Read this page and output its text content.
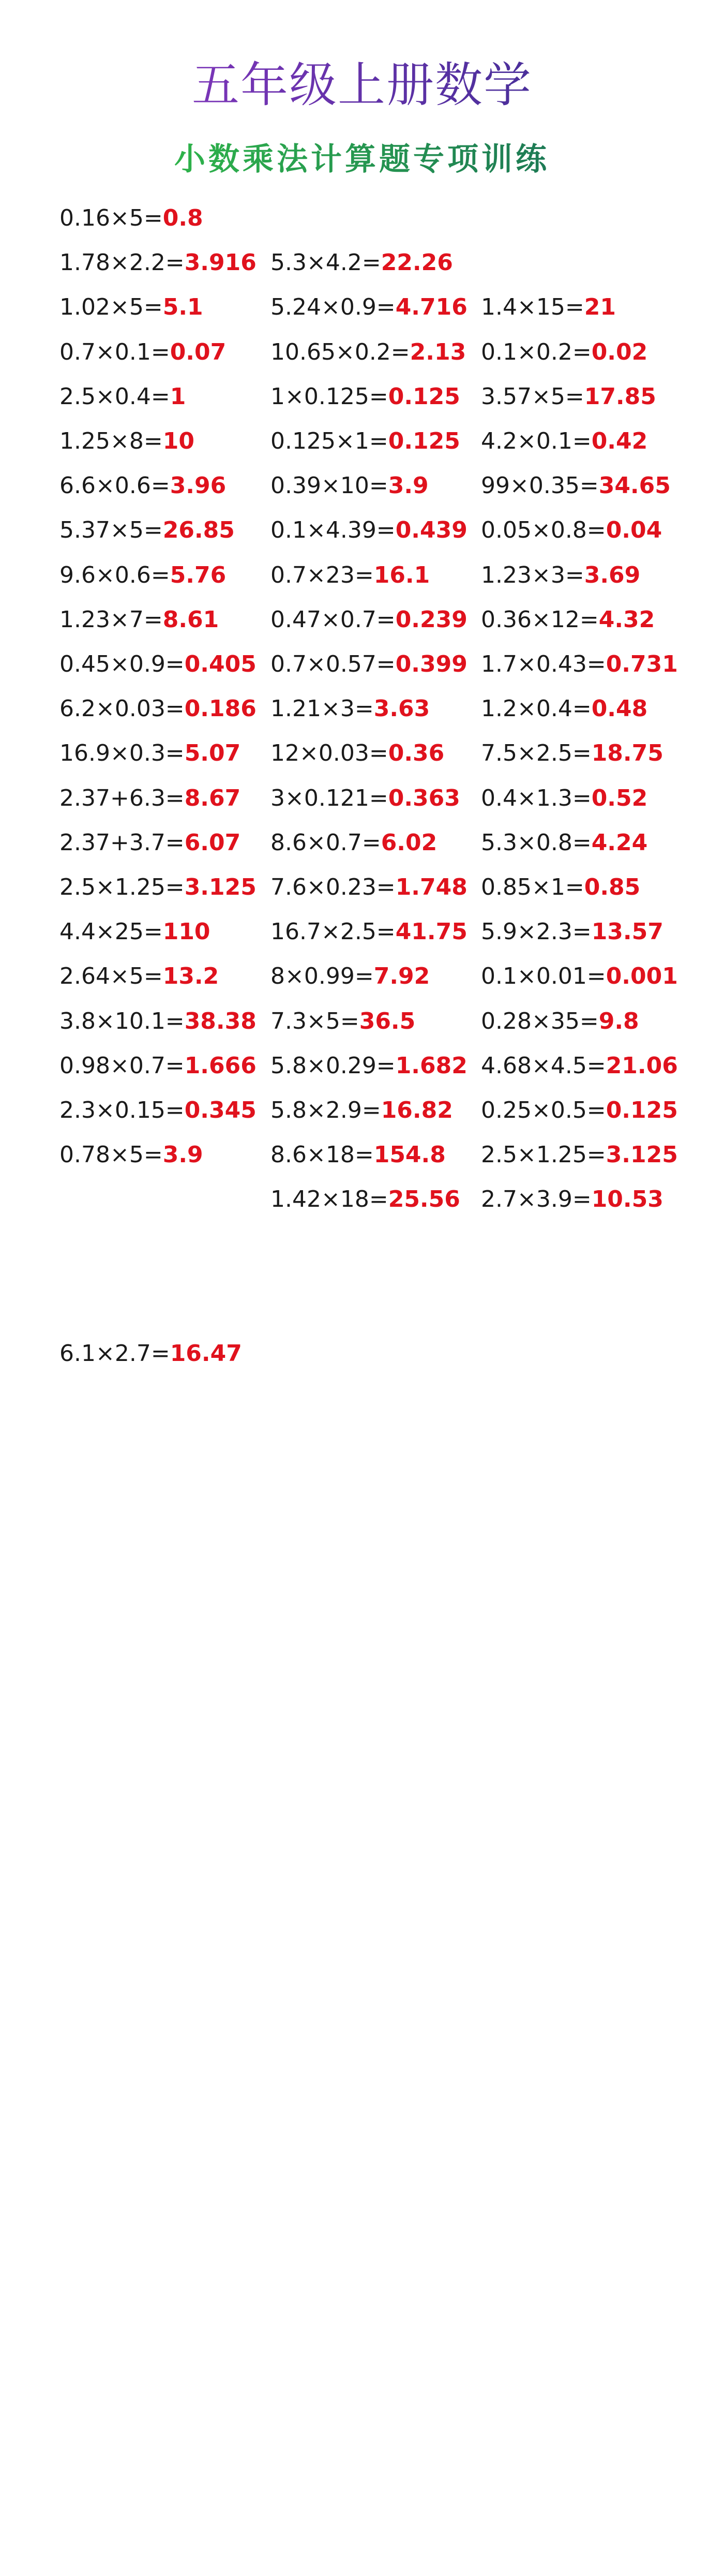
五年级上册数学
小数乘法计算题专项训练
0.16×5=0.8
1.78×2.2=3.916
1.02×5=5.1
0.7×0.1=0.07
2.5×0.4=1
1.25×8=10
6.6×0.6=3.96
5.37×5=26.85
9.6×0.6=5.76
1.23×7=8.61
0.45×0.9=0.405
6.2×0.03=0.186
16.9×0.3=5.07
2.37+6.3=8.67
2.37+3.7=6.07
2.5×1.25=3.125
4.4×25=110
2.64×5=13.2
3.8×10.1=38.38
0.98×0.7=1.666
2.3×0.15=0.345
0.78×5=3.9
5.3×4.2=22.26
5.24×0.9=4.716
10.65×0.2=2.13
1×0.125=0.125
0.125×1=0.125
0.39×10=3.9
0.1×4.39=0.439
0.7×23=16.1
0.47×0.7=0.239
0.7×0.57=0.399
1.21×3=3.63
12×0.03=0.36
3×0.121=0.363
8.6×0.7=6.02
7.6×0.23=1.748
16.7×2.5=41.75
8×0.99=7.92
7.3×5=36.5
5.8×0.29=1.682
5.8×2.9=16.82
8.6×18=154.8
1.42×18=25.56
1.4×15=21
0.1×0.2=0.02
3.57×5=17.85
4.2×0.1=0.42
99×0.35=34.65
0.05×0.8=0.04
1.23×3=3.69
0.36×12=4.32
1.7×0.43=0.731
1.2×0.4=0.48
7.5×2.5=18.75
0.4×1.3=0.52
5.3×0.8=4.24
0.85×1=0.85
5.9×2.3=13.57
0.1×0.01=0.001
0.28×35=9.8
4.68×4.5=21.06
0.25×0.5=0.125
2.5×1.25=3.125
2.7×3.9=10.53
6.1×2.7=16.47
